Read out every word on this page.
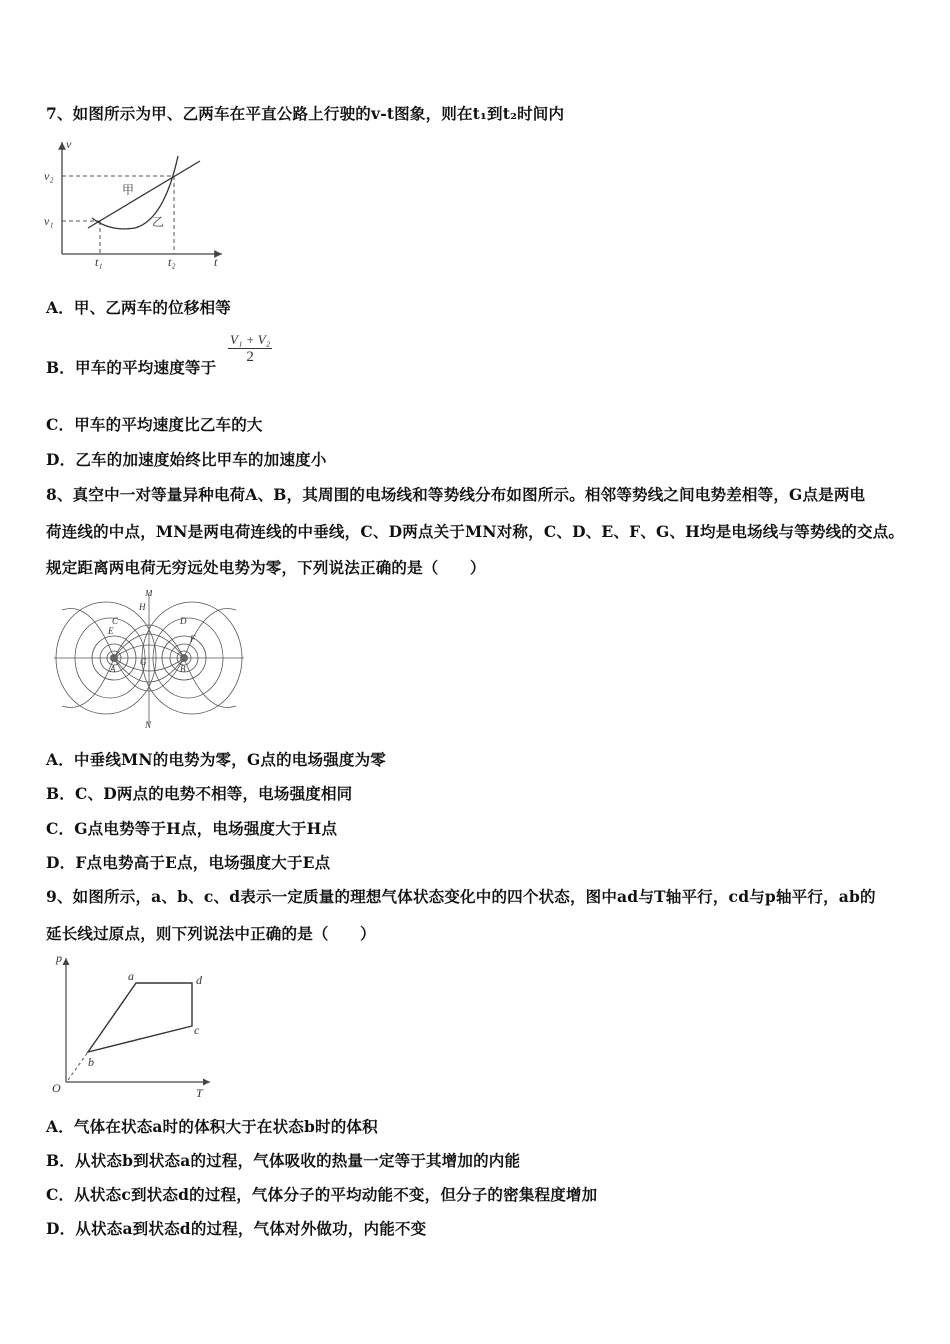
7、如图所示为甲、乙两车在平直公路上行驶的v-t图象，则在t₁到t₂时间内
v
v₂
v₁
t₁	t₂	t
甲
乙
A．甲、乙两车的位移相等
B．甲车的平均速度等于
$\frac{\text{V₁ + V₂}}{2}$
C．甲车的平均速度比乙车的大
D．乙车的加速度始终比甲车的加速度小
8、真空中一对等量异种电荷A、B，其周围的电场线和等势线分布如图所示。相邻等势线之间电势差相等，G点是两电
荷连线的中点，MN是两电荷连线的中垂线，C、D两点关于MN对称，C、D、E、F、G、H均是电场线与等势线的交点。
规定距离两电荷无穷远处电势为零，下列说法正确的是（　　）
M
H
N
G
C	D
E
F
A	B
A．中垂线MN的电势为零，G点的电场强度为零
B．C、D两点的电势不相等，电场强度相同
C．G点电势等于H点，电场强度大于H点
D．F点电势高于E点，电场强度大于E点
9、如图所示，a、b、c、d表示一定质量的理想气体状态变化中的四个状态，图中ad与T轴平行，cd与p轴平行，ab的
延长线过原点，则下列说法中正确的是（　　）
p
O	T
a	d
c
b
A．气体在状态a时的体积大于在状态b时的体积
B．从状态b到状态a的过程，气体吸收的热量一定等于其增加的内能
C．从状态c到状态d的过程，气体分子的平均动能不变，但分子的密集程度增加
D．从状态a到状态d的过程，气体对外做功，内能不变
